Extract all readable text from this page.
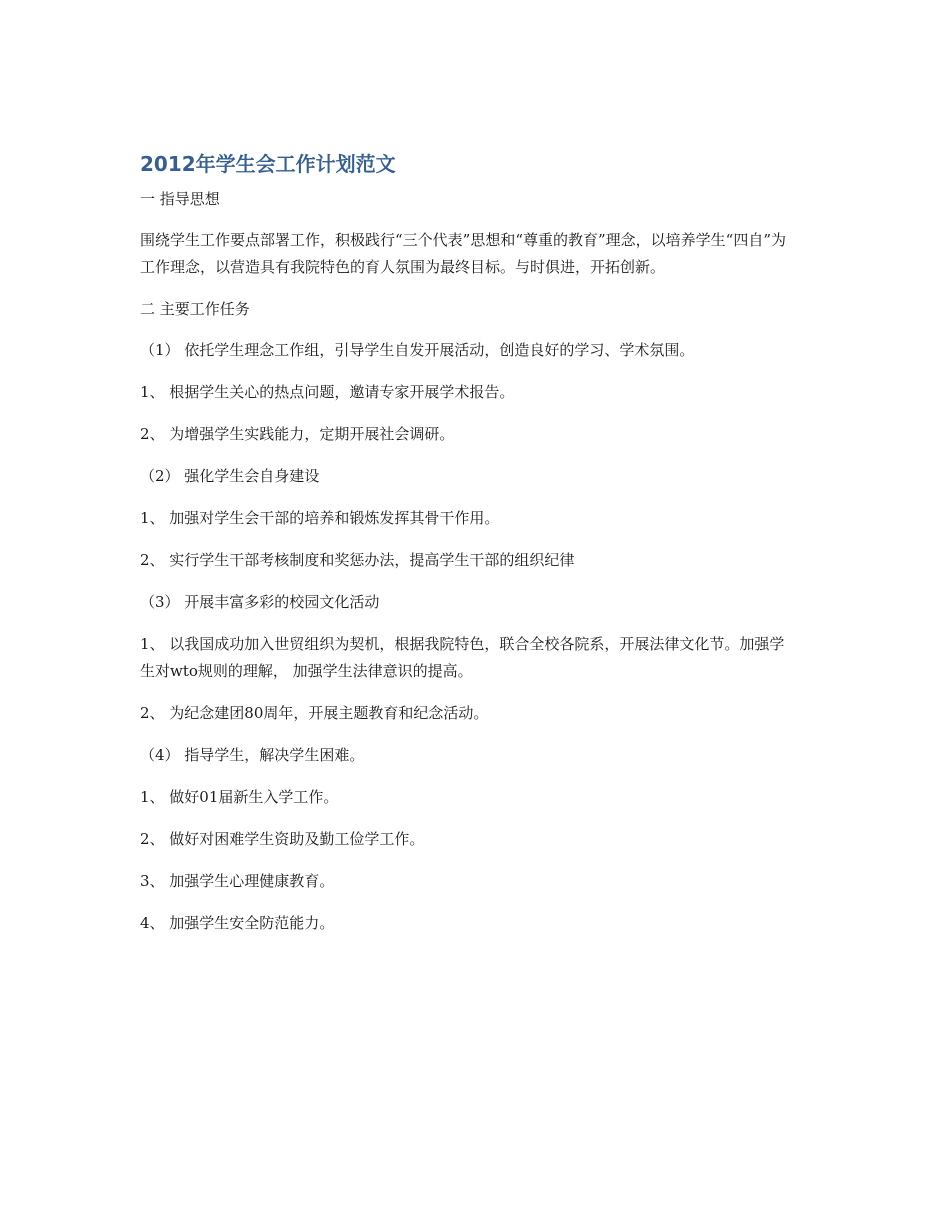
2012年学生会工作计划范文

一 指导思想

围绕学生工作要点部署工作，积极践行“三个代表”思想和“尊重的教育”理念，以培养学生“四自”为工作理念，以营造具有我院特色的育人氛围为最终目标。与时俱进，开拓创新。

二 主要工作任务

（1） 依托学生理念工作组，引导学生自发开展活动，创造良好的学习、学术氛围。

1、 根据学生关心的热点问题，邀请专家开展学术报告。

2、 为增强学生实践能力，定期开展社会调研。

（2） 强化学生会自身建设

1、 加强对学生会干部的培养和锻炼发挥其骨干作用。

2、 实行学生干部考核制度和奖惩办法，提高学生干部的组织纪律

（3） 开展丰富多彩的校园文化活动

1、 以我国成功加入世贸组织为契机，根据我院特色，联合全校各院系，开展法律文化节。加强学生对wto规则的理解， 加强学生法律意识的提高。

2、 为纪念建团80周年，开展主题教育和纪念活动。

（4） 指导学生，解决学生困难。

1、 做好01届新生入学工作。

2、 做好对困难学生资助及勤工俭学工作。

3、 加强学生心理健康教育。

4、 加强学生安全防范能力。
